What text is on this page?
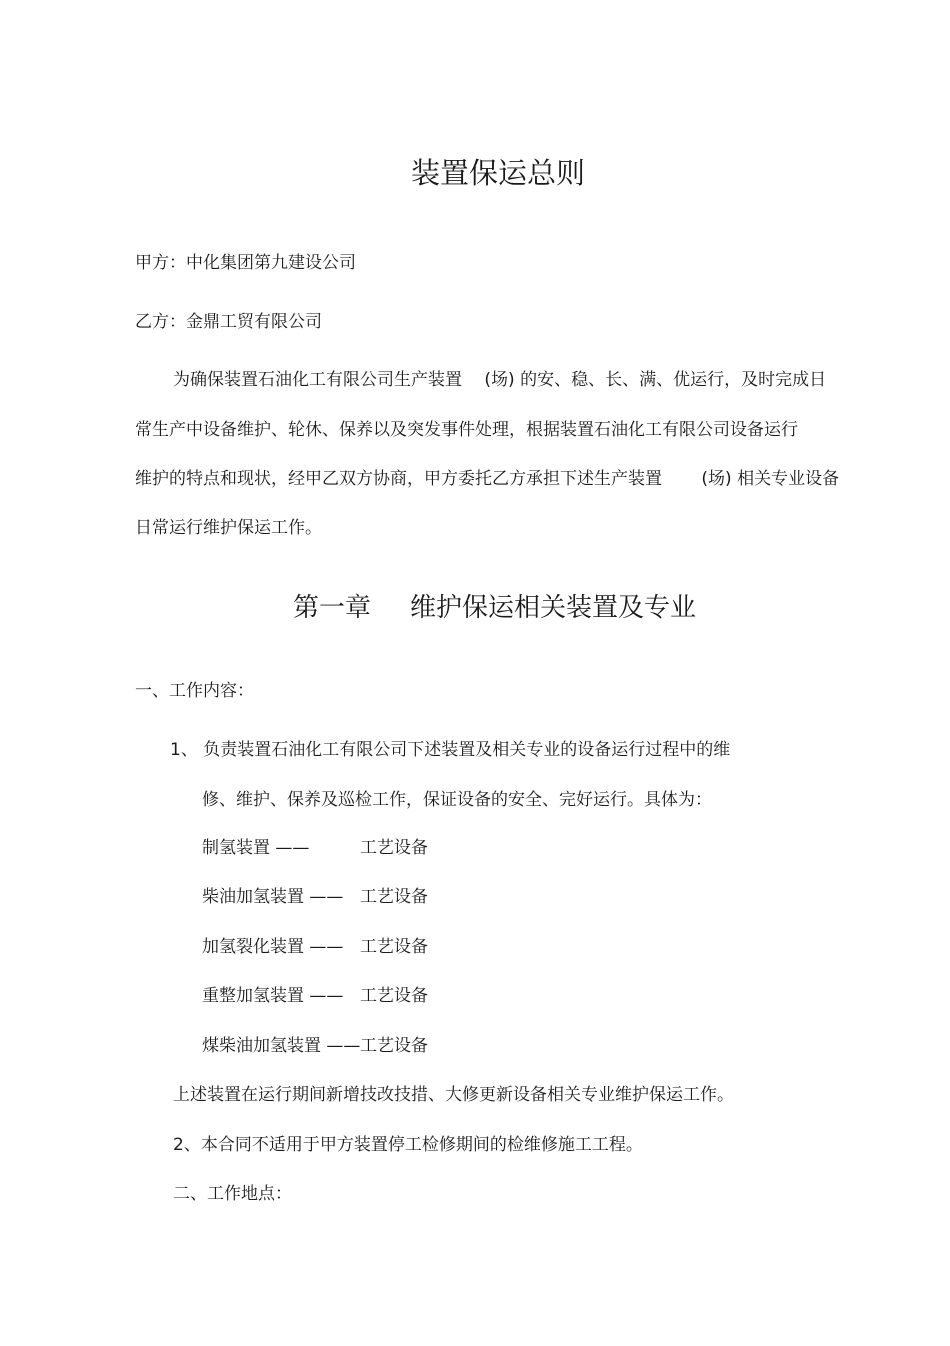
装置保运总则
甲方：中化集团第九建设公司
乙方：金鼎工贸有限公司
为确保装置石油化工有限公司生产装置　 (场) 的安、稳、长、满、优运行，及时完成日
常生产中设备维护、轮休、保养以及突发事件处理，根据装置石油化工有限公司设备运行
维护的特点和现状，经甲乙双方协商，甲方委托乙方承担下述生产装置　　 (场) 相关专业设备
日常运行维护保运工作。
第一章 维护保运相关装置及专业
一、工作内容：
1、 负责装置石油化工有限公司下述装置及相关专业的设备运行过程中的维
修、维护、保养及巡检工作，保证设备的安全、完好运行。具体为：
制氢装置 ——	工艺设备
柴油加氢装置 —— 工艺设备
加氢裂化装置 —— 工艺设备
重整加氢装置 —— 工艺设备
煤柴油加氢装置 ——工艺设备
上述装置在运行期间新增技改技措、大修更新设备相关专业维护保运工作。
2、本合同不适用于甲方装置停工检修期间的检维修施工工程。
二、工作地点：
